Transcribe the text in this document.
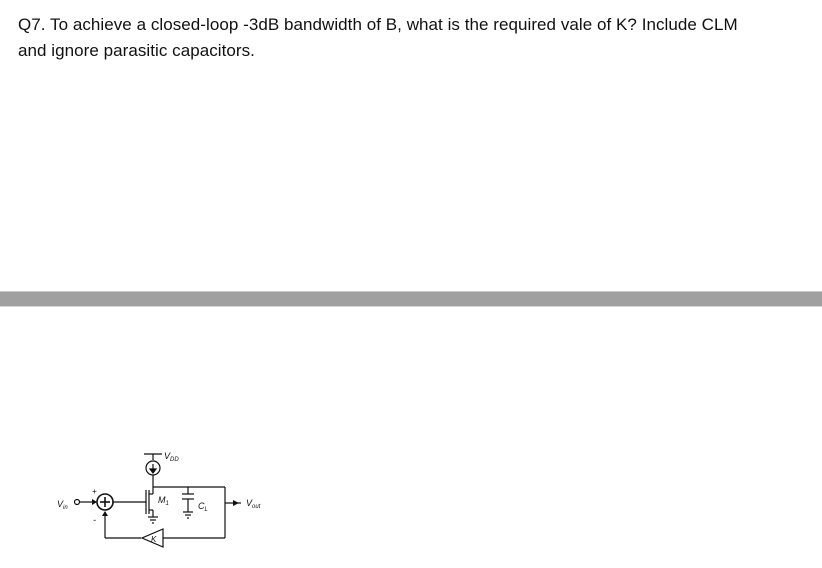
Q7. To achieve a closed-loop -3dB bandwidth of B, what is the required vale of K? Include CLM
and ignore parasitic capacitors.
$V_{DD}$
$M_1$	$C_L$
$V_{out}$
$V_{in}$
+
-
K
